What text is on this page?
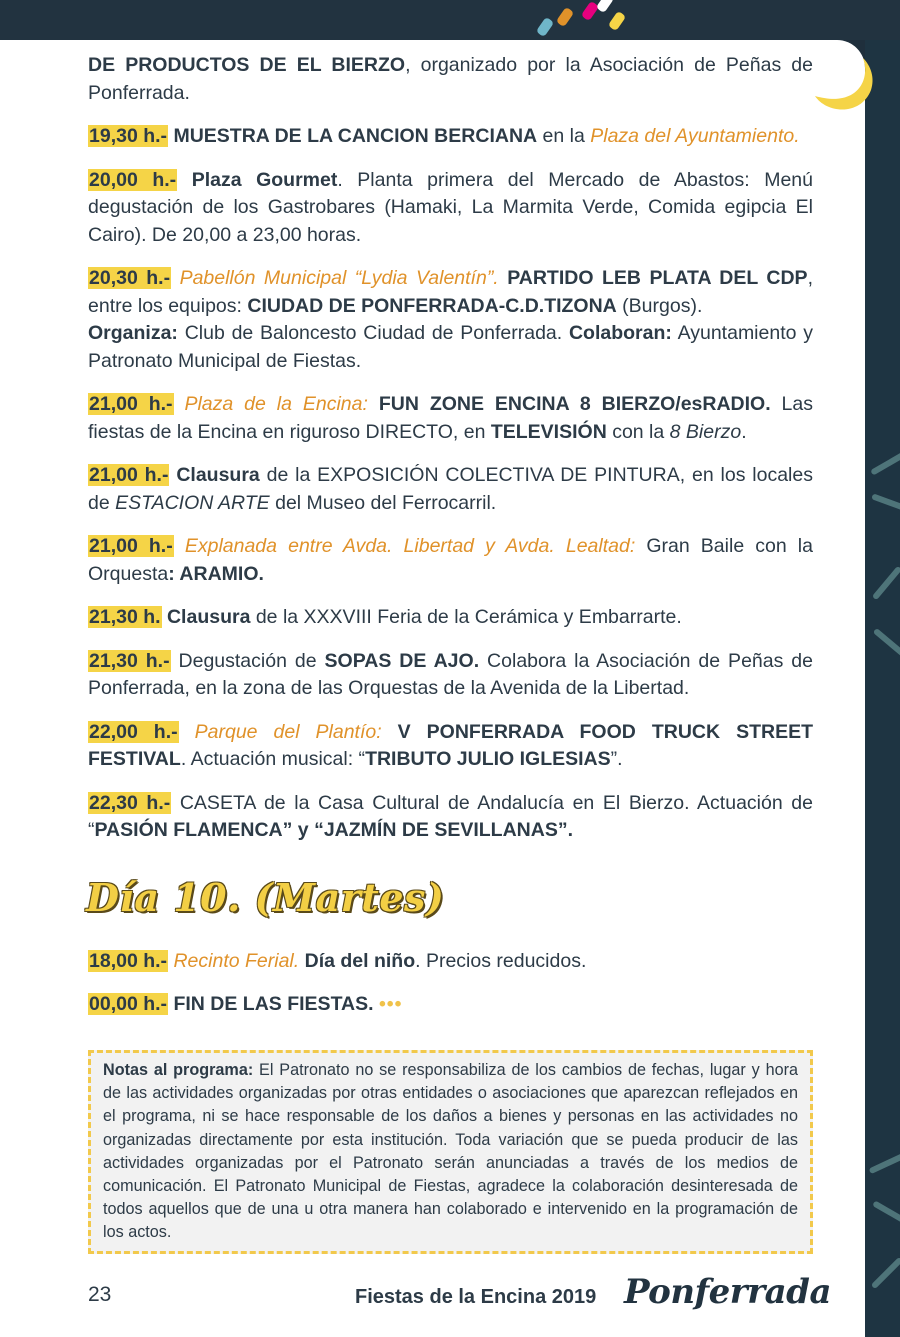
DE PRODUCTOS DE EL BIERZO, organizado por la Asociación de Peñas de Ponferrada.

19,30 h.- MUESTRA DE LA CANCION BERCIANA en la Plaza del Ayuntamiento.

20,00 h.- Plaza Gourmet. Planta primera del Mercado de Abastos: Menú degustación de los Gastrobares (Hamaki, La Marmita Verde, Comida egipcia El Cairo). De 20,00 a 23,00 horas.

20,30 h.- Pabellón Municipal “Lydia Valentín”. PARTIDO LEB PLATA DEL CDP, entre los equipos: CIUDAD DE PONFERRADA-C.D.TIZONA (Burgos).

Organiza: Club de Baloncesto Ciudad de Ponferrada. Colaboran: Ayuntamiento y Patronato Municipal de Fiestas.

21,00 h.- Plaza de la Encina: FUN ZONE ENCINA 8 BIERZO/esRADIO. Las fiestas de la Encina en riguroso DIRECTO, en TELEVISIÓN con la 8 Bierzo.

21,00 h.- Clausura de la EXPOSICIÓN COLECTIVA DE PINTURA, en los locales de ESTACION ARTE del Museo del Ferrocarril.

21,00 h.- Explanada entre Avda. Libertad y Avda. Lealtad: Gran Baile con la Orquesta: ARAMIO.

21,30 h. Clausura de la XXXVIII Feria de la Cerámica y Embarrarte.

21,30 h.- Degustación de SOPAS DE AJO. Colabora la Asociación de Peñas de Ponferrada, en la zona de las Orquestas de la Avenida de la Libertad.

22,00 h.- Parque del Plantío: V PONFERRADA FOOD TRUCK STREET FESTIVAL. Actuación musical: “TRIBUTO JULIO IGLESIAS”.

22,30 h.- CASETA de la Casa Cultural de Andalucía en El Bierzo. Actuación de “PASIÓN FLAMENCA” y “JAZMÍN DE SEVILLANAS”.

Día 10. (Martes)

18,00 h.- Recinto Ferial. Día del niño. Precios reducidos.

00,00 h.- FIN DE LAS FIESTAS. •••

Notas al programa: El Patronato no se responsabiliza de los cambios de fechas, lugar y hora de las actividades organizadas por otras entidades o asociaciones que aparezcan reflejados en el programa, ni se hace responsable de los daños a bienes y personas en las actividades no organizadas directamente por esta institución. Toda variación que se pueda producir de las actividades organizadas por el Patronato serán anunciadas a través de los medios de comunicación. El Patronato Municipal de Fiestas, agradece la colaboración desinteresada de todos aquellos que de una u otra manera han colaborado e intervenido en la programación de los actos.
23	Fiestas de la Encina 2019 Ponferrada
